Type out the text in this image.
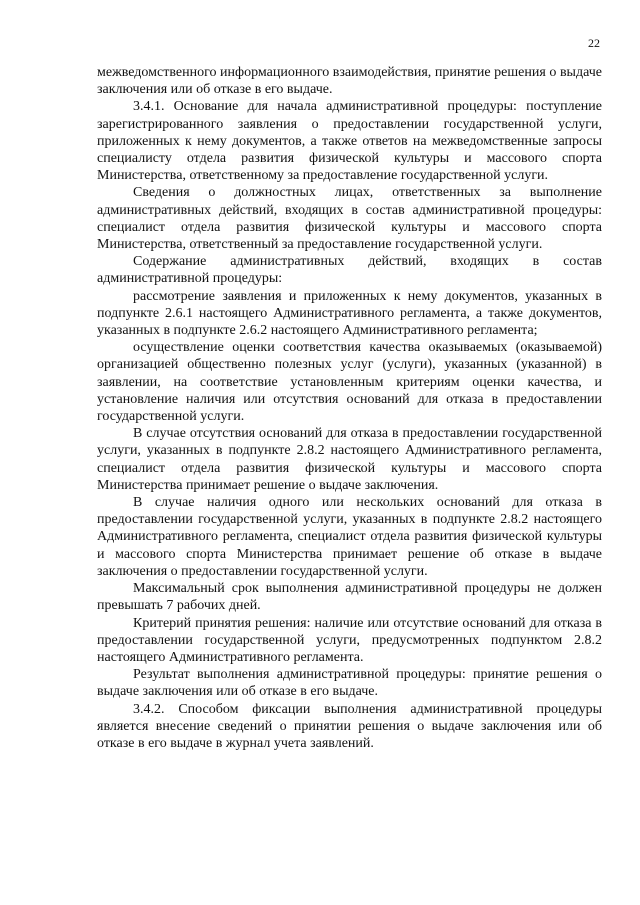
22

межведомственного информационного взаимодействия, принятие решения о выдаче заключения или об отказе в его выдаче.

3.4.1. Основание для начала административной процедуры: поступление зарегистрированного заявления о предоставлении государственной услуги, приложенных к нему документов, а также ответов на межведомственные запросы специалисту отдела развития физической культуры и массового спорта Министерства, ответственному за предоставление государственной услуги.

Сведения о должностных лицах, ответственных за выполнение административных действий, входящих в состав административной процедуры: специалист отдела развития физической культуры и массового спорта Министерства, ответственный за предоставление государственной услуги.

Содержание административных действий, входящих в состав административной процедуры:

рассмотрение заявления и приложенных к нему документов, указанных в подпункте 2.6.1 настоящего Административного регламента, а также документов, указанных в подпункте 2.6.2 настоящего Административного регламента;

осуществление оценки соответствия качества оказываемых (оказываемой) организацией общественно полезных услуг (услуги), указанных (указанной) в заявлении, на соответствие установленным критериям оценки качества, и установление наличия или отсутствия оснований для отказа в предоставлении государственной услуги.

В случае отсутствия оснований для отказа в предоставлении государственной услуги, указанных в подпункте 2.8.2 настоящего Административного регламента, специалист отдела развития физической культуры и массового спорта Министерства принимает решение о выдаче заключения.

В случае наличия одного или нескольких оснований для отказа в предоставлении государственной услуги, указанных в подпункте 2.8.2 настоящего Административного регламента, специалист отдела развития физической культуры и массового спорта Министерства принимает решение об отказе в выдаче заключения о предоставлении государственной услуги.

Максимальный срок выполнения административной процедуры не должен превышать 7 рабочих дней.

Критерий принятия решения: наличие или отсутствие оснований для отказа в предоставлении государственной услуги, предусмотренных подпунктом 2.8.2 настоящего Административного регламента.

Результат выполнения административной процедуры: принятие решения о выдаче заключения или об отказе в его выдаче.

3.4.2. Способом фиксации выполнения административной процедуры является внесение сведений о принятии решения о выдаче заключения или об отказе в его выдаче в журнал учета заявлений.
